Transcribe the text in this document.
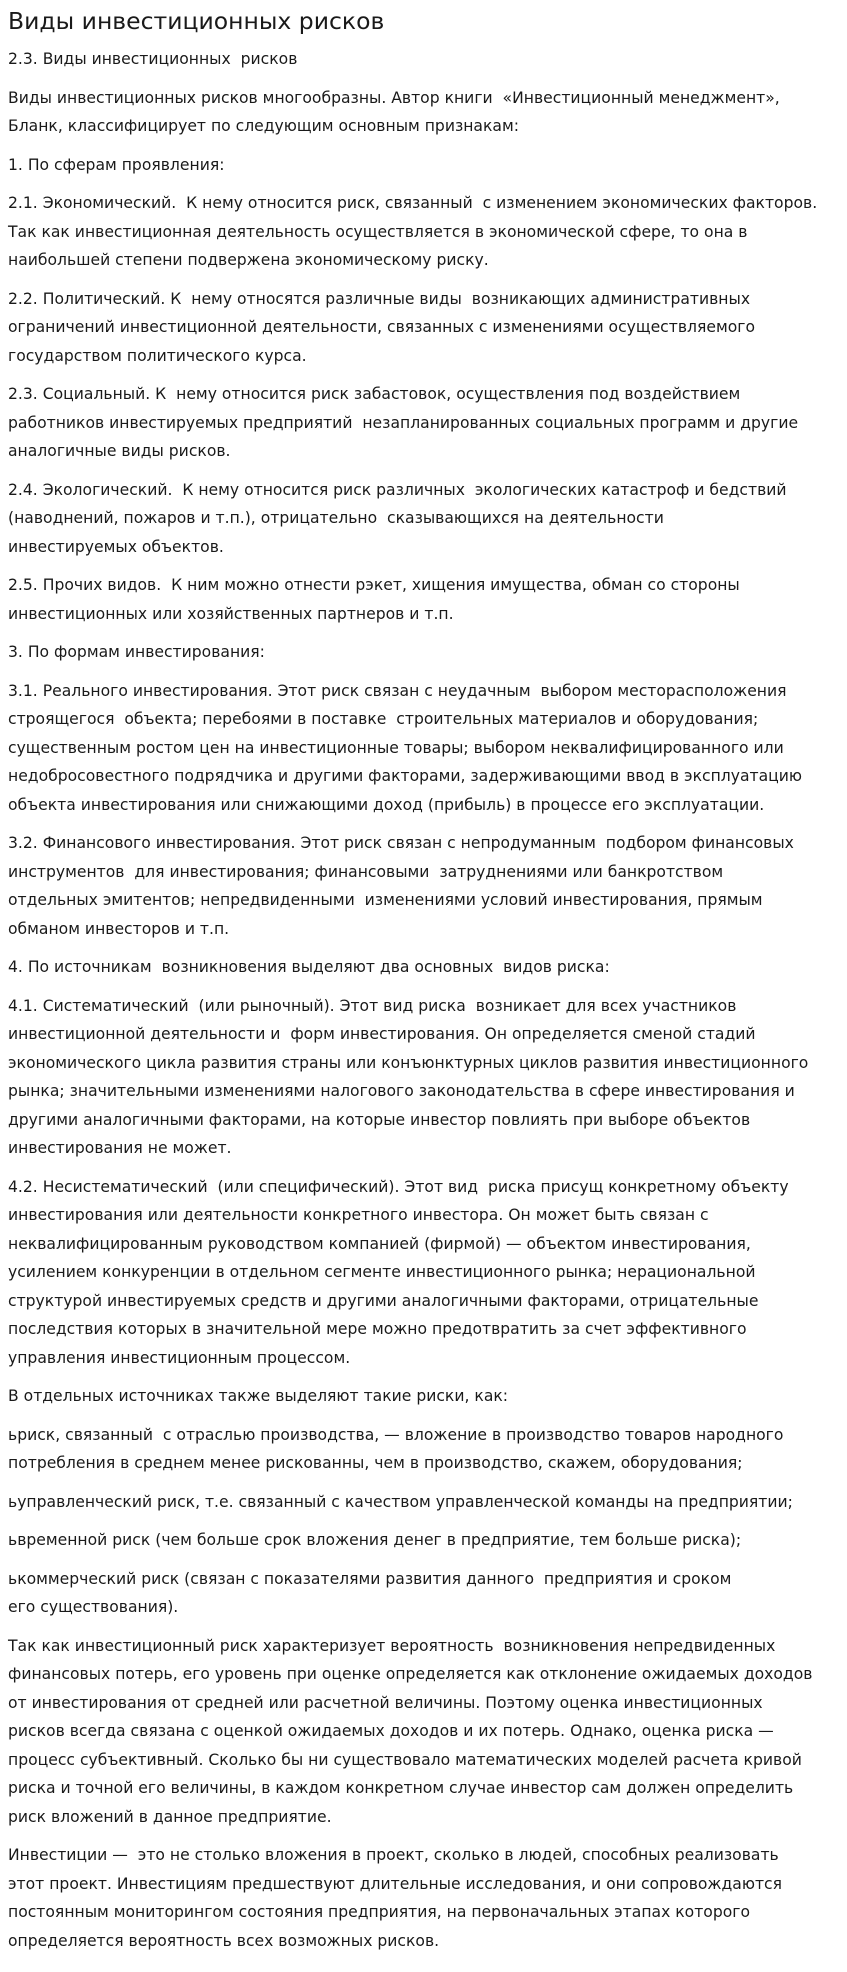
Виды инвестиционных рисков

2.3. Виды инвестиционных  рисков

Виды инвестиционных рисков многообразны. Автор книги  «Инвестиционный менеджмент»,
Бланк, классифицирует по следующим основным признакам:

1. По сферам проявления:

2.1. Экономический.  К нему относится риск, связанный  с изменением экономических факторов.
Так как инвестиционная деятельность осуществляется в экономической сфере, то она в
наибольшей степени подвержена экономическому риску.

2.2. Политический. К  нему относятся различные виды  возникающих административных
ограничений инвестиционной деятельности, связанных с изменениями осуществляемого
государством политического курса.

2.3. Социальный. К  нему относится риск забастовок, осуществления под воздействием
работников инвестируемых предприятий  незапланированных социальных программ и другие
аналогичные виды рисков.

2.4. Экологический.  К нему относится риск различных  экологических катастроф и бедствий
(наводнений, пожаров и т.п.), отрицательно  сказывающихся на деятельности
инвестируемых объектов.

2.5. Прочих видов.  К ним можно отнести рэкет, хищения имущества, обман со стороны
инвестиционных или хозяйственных партнеров и т.п.

3. По формам инвестирования:

3.1. Реального инвестирования. Этот риск связан с неудачным  выбором месторасположения
строящегося  объекта; перебоями в поставке  строительных материалов и оборудования;
существенным ростом цен на инвестиционные товары; выбором неквалифицированного или
недобросовестного подрядчика и другими факторами, задерживающими ввод в эксплуатацию
объекта инвестирования или снижающими доход (прибыль) в процессе его эксплуатации.

3.2. Финансового инвестирования. Этот риск связан с непродуманным  подбором финансовых
инструментов  для инвестирования; финансовыми  затруднениями или банкротством
отдельных эмитентов; непредвиденными  изменениями условий инвестирования, прямым
обманом инвесторов и т.п.

4. По источникам  возникновения выделяют два основных  видов риска:

4.1. Систематический  (или рыночный). Этот вид риска  возникает для всех участников
инвестиционной деятельности и  форм инвестирования. Он определяется сменой стадий
экономического цикла развития страны или конъюнктурных циклов развития инвестиционного
рынка; значительными изменениями налогового законодательства в сфере инвестирования и
другими аналогичными факторами, на которые инвестор повлиять при выборе объектов
инвестирования не может.

4.2. Несистематический  (или специфический). Этот вид  риска присущ конкретному объекту
инвестирования или деятельности конкретного инвестора. Он может быть связан с
неквалифицированным руководством компанией (фирмой) — объектом инвестирования,
усилением конкуренции в отдельном сегменте инвестиционного рынка; нерациональной
структурой инвестируемых средств и другими аналогичными факторами, отрицательные
последствия которых в значительной мере можно предотвратить за счет эффективного
управления инвестиционным процессом.

В отдельных источниках также выделяют такие риски, как:

ьриск, связанный  с отраслью производства, — вложение в производство товаров народного
потребления в среднем менее рискованны, чем в производство, скажем, оборудования;

ьуправленческий риск, т.е. связанный с качеством управленческой команды на предприятии;

ьвременной риск (чем больше срок вложения денег в предприятие, тем больше риска);

ькоммерческий риск (связан с показателями развития данного  предприятия и сроком
его существования).

Так как инвестиционный риск характеризует вероятность  возникновения непредвиденных
финансовых потерь, его уровень при оценке определяется как отклонение ожидаемых доходов
от инвестирования от средней или расчетной величины. Поэтому оценка инвестиционных
рисков всегда связана с оценкой ожидаемых доходов и их потерь. Однако, оценка риска —
процесс субъективный. Сколько бы ни существовало математических моделей расчета кривой
риска и точной его величины, в каждом конкретном случае инвестор сам должен определить
риск вложений в данное предприятие.

Инвестиции —  это не столько вложения в проект, сколько в людей, способных реализовать
этот проект. Инвестициям предшествуют длительные исследования, и они сопровождаются
постоянным мониторингом состояния предприятия, на первоначальных этапах которого
определяется вероятность всех возможных рисков.
